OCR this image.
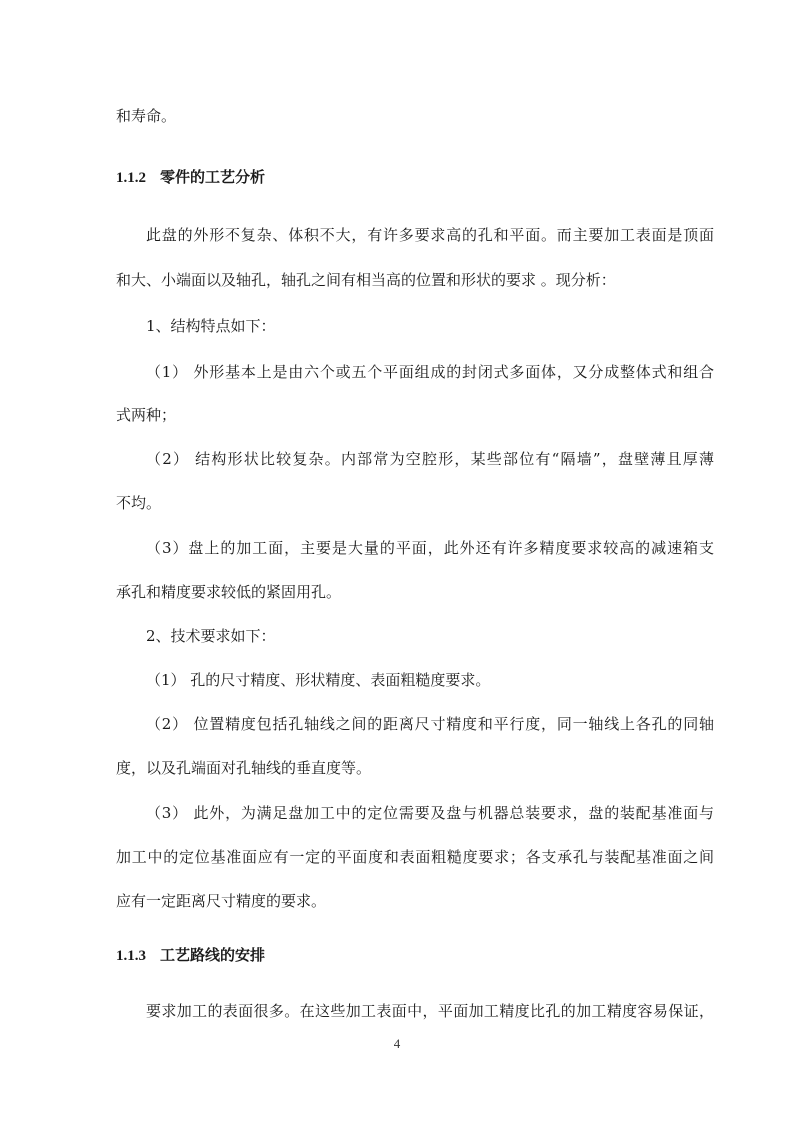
和寿命。
1.1.2 零件的工艺分析
此盘的外形不复杂、体积不大，有许多要求高的孔和平面。而主要加工表面是顶面
和大、小端面以及轴孔，轴孔之间有相当高的位置和形状的要求 。现分析：
1、结构特点如下：
（1） 外形基本上是由六个或五个平面组成的封闭式多面体，又分成整体式和组合
式两种；
（2） 结构形状比较复杂。内部常为空腔形，某些部位有“隔墙”，盘壁薄且厚薄
不均。
（3）盘上的加工面，主要是大量的平面，此外还有许多精度要求较高的减速箱支
承孔和精度要求较低的紧固用孔。
2、技术要求如下：
（1） 孔的尺寸精度、形状精度、表面粗糙度要求。
（2） 位置精度包括孔轴线之间的距离尺寸精度和平行度，同一轴线上各孔的同轴
度，以及孔端面对孔轴线的垂直度等。
（3） 此外，为满足盘加工中的定位需要及盘与机器总装要求，盘的装配基准面与
加工中的定位基准面应有一定的平面度和表面粗糙度要求；各支承孔与装配基准面之间
应有一定距离尺寸精度的要求。
1.1.3 工艺路线的安排
要求加工的表面很多。在这些加工表面中，平面加工精度比孔的加工精度容易保证，
4
